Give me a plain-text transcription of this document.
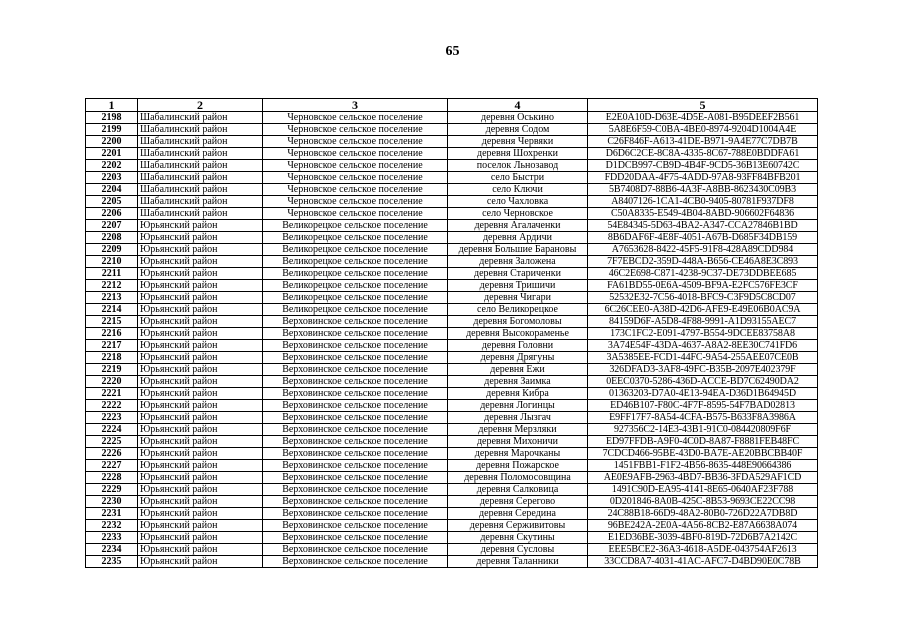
65
1	2	3	4	5
2198	Шабалинский район	Черновское сельское поселение	деревня Оськино	E2E0A10D-D63E-4D5E-A081-B95DEEF2B561
2199	Шабалинский район	Черновское сельское поселение	деревня Содом	5A8E6F59-C0BA-4BE0-8974-9204D1004A4E
2200	Шабалинский район	Черновское сельское поселение	деревня Червяки	C26F846F-A613-41DE-B971-9A4E77C7DB7B
2201	Шабалинский район	Черновское сельское поселение	деревня Шохренки	D6D6C2CE-8C8A-4335-8C67-788E0BDDFA61
2202	Шабалинский район	Черновское сельское поселение	поселок Льнозавод	D1DCB997-CB9D-4B4F-9CD5-36B13E60742C
2203	Шабалинский район	Черновское сельское поселение	село Быстри	FDD20DAA-4F75-4ADD-97A8-93FF84BFB201
2204	Шабалинский район	Черновское сельское поселение	село Ключи	5B7408D7-88B6-4A3F-A8BB-8623430C09B3
2205	Шабалинский район	Черновское сельское поселение	село Чахловка	A8407126-1CA1-4CB0-9405-80781F937DF8
2206	Шабалинский район	Черновское сельское поселение	село Черновское	C50A8335-E549-4B04-8ABD-906602F64836
2207	Юрьянский район	Великорецкое сельское поселение	деревня Агалаченки	54E84345-5D63-4BA2-A347-CCA27846B1BD
2208	Юрьянский район	Великорецкое сельское поселение	деревня Ардичи	8B6DAF6F-4E8F-4051-A67B-D685F34DB159
2209	Юрьянский район	Великорецкое сельское поселение	деревня Большие Барановы	A7653628-8422-45F5-91F8-428A89CDD984
2210	Юрьянский район	Великорецкое сельское поселение	деревня Заложена	7F7EBCD2-359D-448A-B656-CE46A8E3C893
2211	Юрьянский район	Великорецкое сельское поселение	деревня Стариченки	46C2E698-C871-4238-9C37-DE73DDBEE685
2212	Юрьянский район	Великорецкое сельское поселение	деревня Тришичи	FA61BD55-0E6A-4509-BF9A-E2FC576FE3CF
2213	Юрьянский район	Великорецкое сельское поселение	деревня Чигари	52532E32-7C56-4018-BFC9-C3F9D5C8CD07
2214	Юрьянский район	Великорецкое сельское поселение	село Великорецкое	6C26CEE0-A38D-42D6-AFE9-E49E06B0AC9A
2215	Юрьянский район	Верховинское сельское поселение	деревня Богомоловы	84159D6F-A5D8-4F88-9991-A1D93155AEC7
2216	Юрьянский район	Верховинское сельское поселение	деревня Высокораменье	173C1FC2-E091-4797-B554-9DCEE83758A8
2217	Юрьянский район	Верховинское сельское поселение	деревня Головни	3A74E54F-43DA-4637-A8A2-8EE30C741FD6
2218	Юрьянский район	Верховинское сельское поселение	деревня Дрягуны	3A5385EE-FCD1-44FC-9A54-255AEE07CE0B
2219	Юрьянский район	Верховинское сельское поселение	деревня Ежи	326DFAD3-3AF8-49FC-B35B-2097E402379F
2220	Юрьянский район	Верховинское сельское поселение	деревня Заимка	0EEC0370-5286-436D-ACCE-BD7C62490DA2
2221	Юрьянский район	Верховинское сельское поселение	деревня Кибра	01363203-D7A0-4E13-94EA-D36D1B64945D
2222	Юрьянский район	Верховинское сельское поселение	деревня Логинцы	ED46B107-F80C-4F7F-8595-54F7BAD02813
2223	Юрьянский район	Верховинское сельское поселение	деревня Лызгач	E9FF17F7-8A54-4CFA-B575-B633F8A3986A
2224	Юрьянский район	Верховинское сельское поселение	деревня Мерзляки	927356C2-14E3-43B1-91C0-084420809F6F
2225	Юрьянский район	Верховинское сельское поселение	деревня Михоничи	ED97FFDB-A9F0-4C0D-8A87-F8881FEB48FC
2226	Юрьянский район	Верховинское сельское поселение	деревня Марочканы	7CDCD466-95BE-43D0-BA7E-AE20BBCBB40F
2227	Юрьянский район	Верховинское сельское поселение	деревня Пожарское	1451FBB1-F1F2-4B56-8635-448E90664386
2228	Юрьянский район	Верховинское сельское поселение	деревня Поломосовщина	AE0E9AFB-2963-4BD7-BB36-3FDA529AF1CD
2229	Юрьянский район	Верховинское сельское поселение	деревня Салковица	1491C90D-EA95-4141-8E65-0640AF23F788
2230	Юрьянский район	Верховинское сельское поселение	деревня Серегово	0D201846-8A0B-425C-8B53-9693CE22CC98
2231	Юрьянский район	Верховинское сельское поселение	деревня Середина	24C88B18-66D9-48A2-80B0-726D22A7DB8D
2232	Юрьянский район	Верховинское сельское поселение	деревня Серживитовы	96BE242A-2E0A-4A56-8CB2-E87A6638A074
2233	Юрьянский район	Верховинское сельское поселение	деревня Скутины	E1ED36BE-3039-4BF0-819D-72D6B7A2142C
2234	Юрьянский район	Верховинское сельское поселение	деревня Сусловы	EEE5BCE2-36A3-4618-A5DE-043754AF2613
2235	Юрьянский район	Верховинское сельское поселение	деревня Таланники	33CCD8A7-4031-41AC-AFC7-D4BD90E0C78B
